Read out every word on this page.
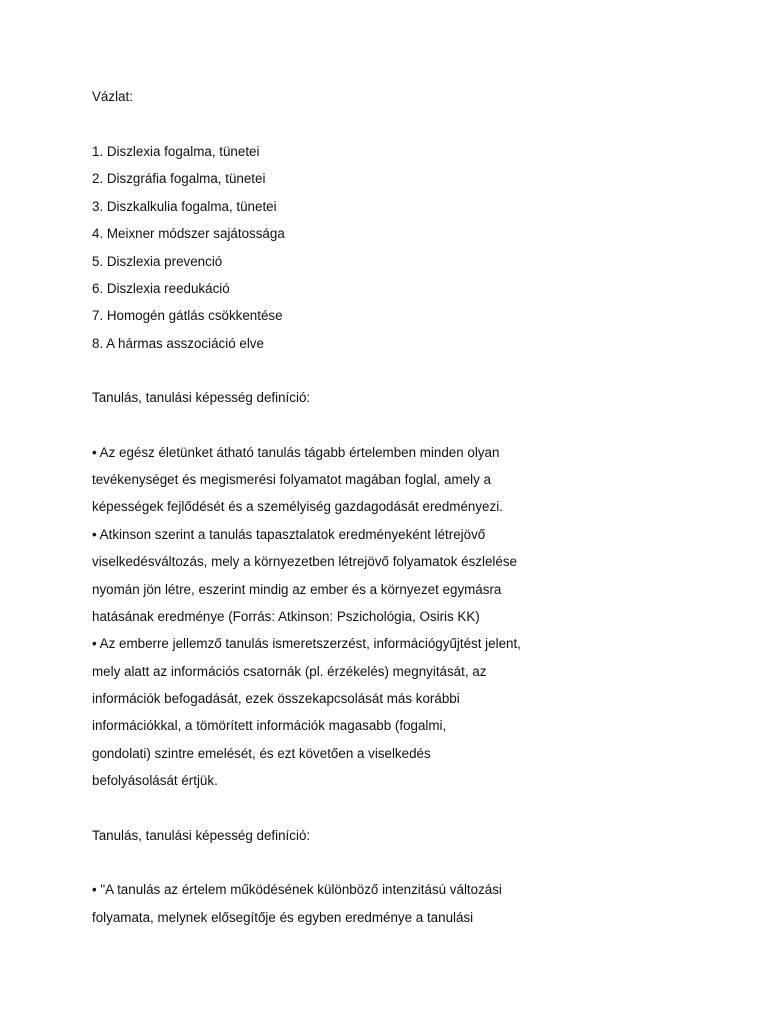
Vázlat:
1. Diszlexia fogalma, tünetei
2. Diszgráfia fogalma, tünetei
3. Diszkalkulia fogalma, tünetei
4. Meixner módszer sajátossága
5. Diszlexia prevenció
6. Diszlexia reedukáció
7. Homogén gátlás csökkentése
8. A hármas asszociáció elve
Tanulás, tanulási képesség definíció:
• Az egész életünket átható tanulás tágabb értelemben minden olyan
tevékenységet és megismerési folyamatot magában foglal, amely a
képességek fejlődését és a személyiség gazdagodását eredményezi.
• Atkinson szerint a tanulás tapasztalatok eredményeként létrejövő
viselkedésváltozás, mely a környezetben létrejövő folyamatok észlelése
nyomán jön létre, eszerint mindig az ember és a környezet egymásra
hatásának eredménye (Forrás: Atkinson: Pszichológia, Osiris KK)
• Az emberre jellemző tanulás ismeretszerzést, információgyűjtést jelent,
mely alatt az információs csatornák (pl. érzékelés) megnyitását, az
információk befogadását, ezek összekapcsolását más korábbi
információkkal, a tömörített információk magasabb (fogalmi,
gondolati) szintre emelését, és ezt követően a viselkedés
befolyásolását értjük.
Tanulás, tanulási képesség definíció:
• "A tanulás az értelem működésének különböző intenzitású változási
folyamata, melynek elősegítője és egyben eredménye a tanulási
